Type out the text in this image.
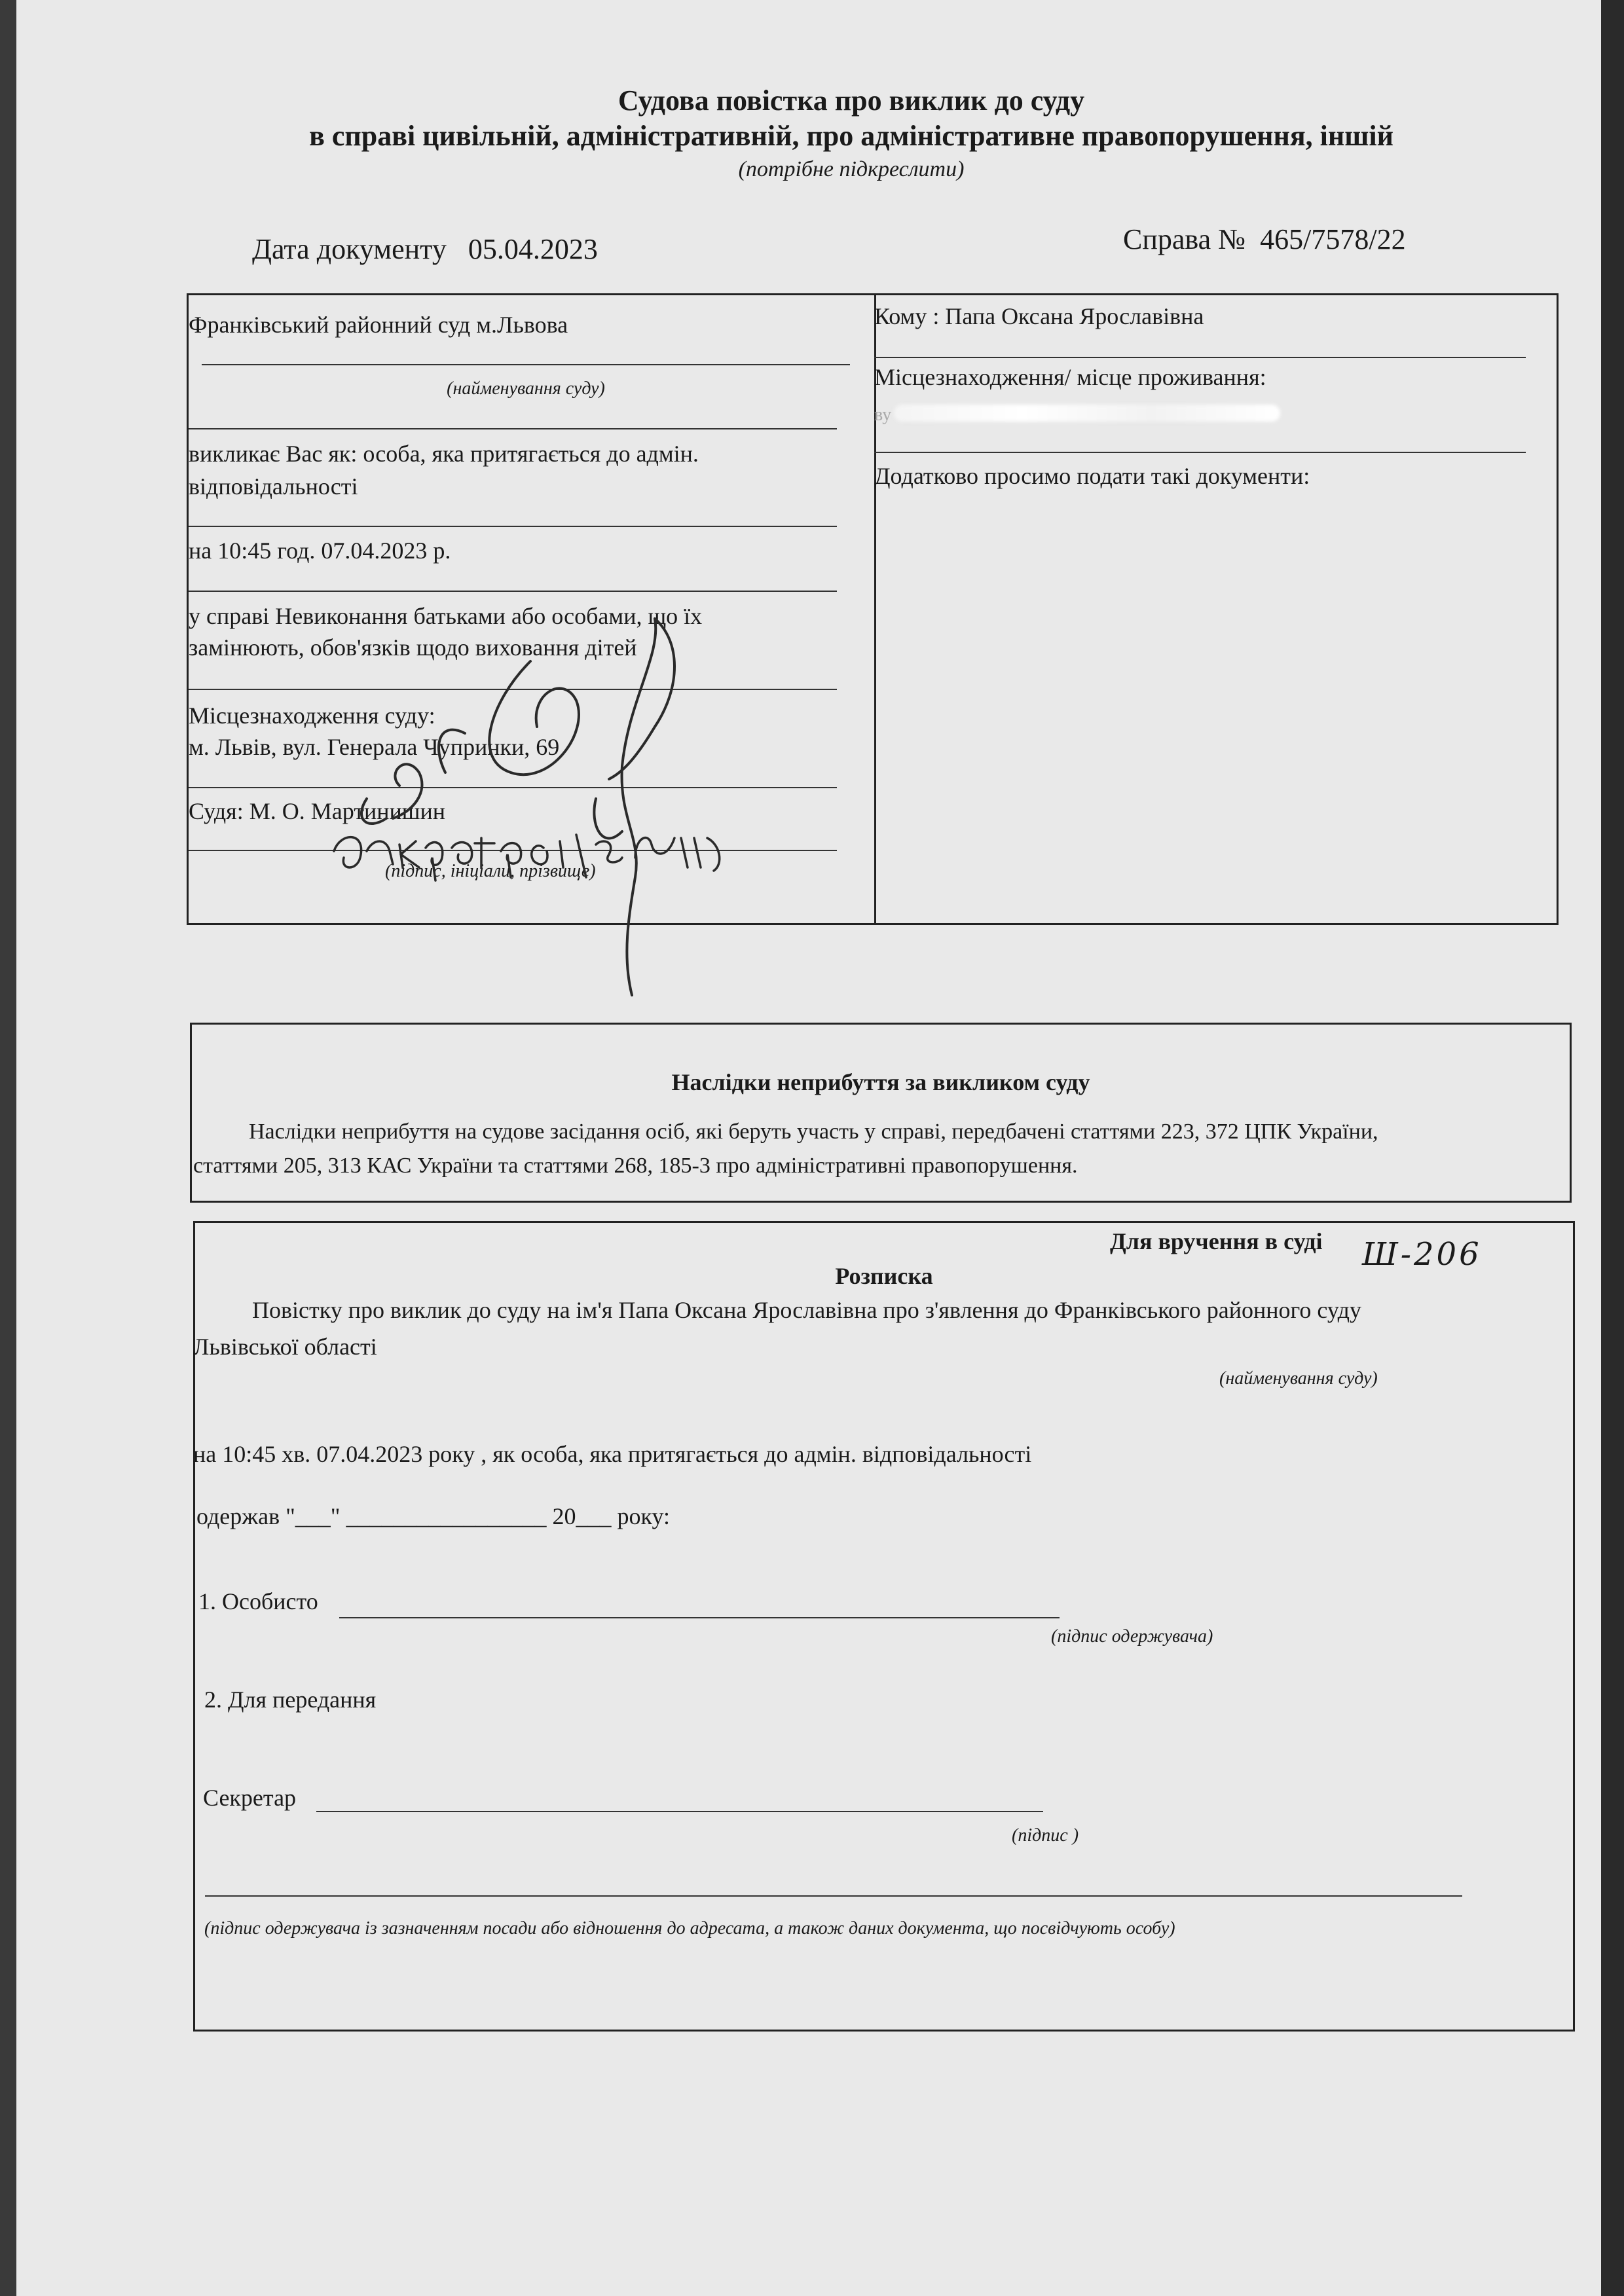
Судова повістка про виклик до суду
в справі цивільній, адміністративній, про адміністративне правопорушення, іншій
(потрібне підкреслити)
Дата документу 05.04.2023	Справа № 465/7578/22
Франківський районний суд м.Львова
(найменування суду)
викликає Вас як: особа, яка притягається до адмін.
відповідальності
на 10:45 год. 07.04.2023 р.
у справі Невиконання батьками або особами, що їх
замінюють, обов'язків щодо виховання дітей
Місцезнаходження суду:
м. Львів, вул. Генерала Чупринки, 69
Судя: М. О. Мартинишин
(підпис, ініціали, прізвище)
Кому : Папа Оксана Ярославівна
Місцезнаходження/ місце проживання:
ву
Додатково просимо подати такі документи:
Наслідки неприбуття за викликом суду
Наслідки неприбуття на судове засідання осіб, які беруть участь у справі, передбачені статтями 223, 372 ЦПК України,
статтями 205, 313 КАС України та статтями 268, 185-3 про адміністративні правопорушення.
Для вручення в суді Ш-206
Розписка
Повістку про виклик до суду на ім'я Папа Оксана Ярославівна про з'явлення до Франківського районного суду
Львівської області
(найменування суду)
на 10:45 хв. 07.04.2023 року , як особа, яка притягається до адмін. відповідальності
одержав "___" _________________ 20___ року:
1. Особисто
(підпис одержувача)
2. Для передання
Секретар
(підпис )
(підпис одержувача із зазначенням посади або відношення до адресата, а також даних документа, що посвідчують особу)
